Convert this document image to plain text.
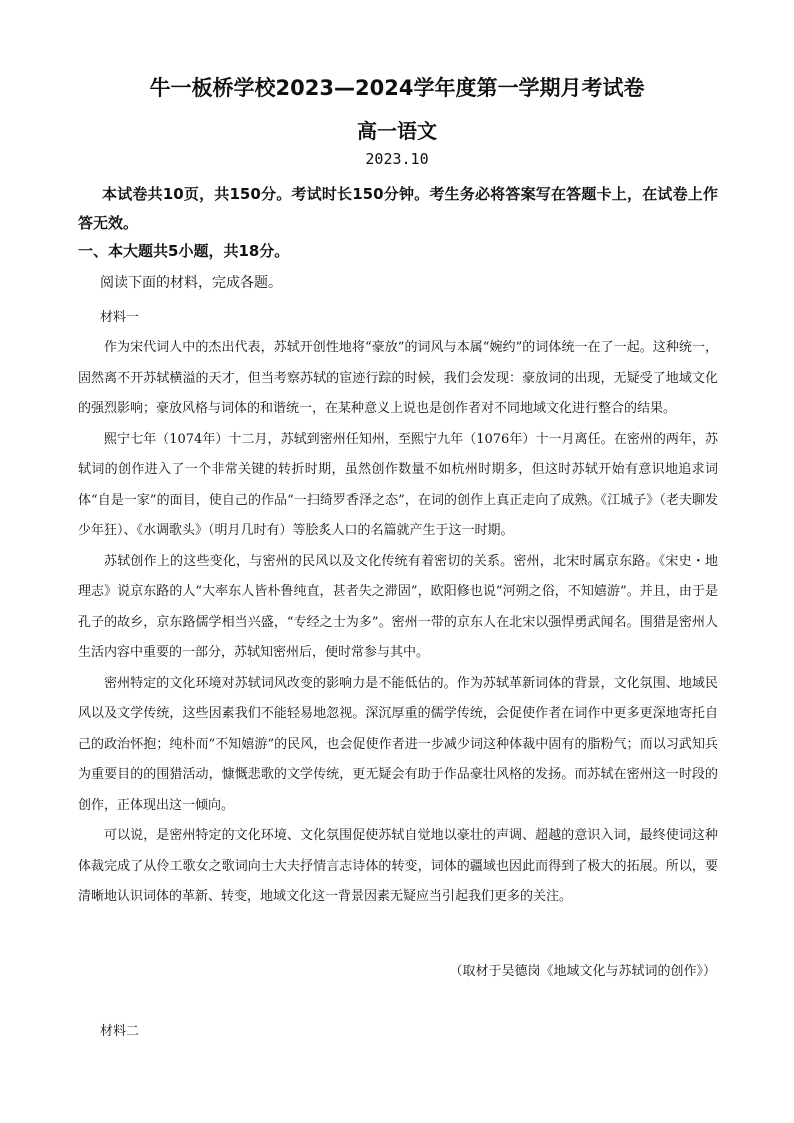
牛一板桥学校2023—2024学年度第一学期月考试卷
高一语文
2023.10
本试卷共10页，共150分。考试时长150分钟。考生务必将答案写在答题卡上，在试卷上作答无效。
一、本大题共5小题，共18分。
阅读下面的材料，完成各题。
材料一

作为宋代词人中的杰出代表，苏轼开创性地将“豪放”的词风与本属“婉约”的词体统一在了一起。这种统一，固然离不开苏轼横溢的天才，但当考察苏轼的宦迹行踪的时候，我们会发现：豪放词的出现，无疑受了地域文化的强烈影响；豪放风格与词体的和谐统一，在某种意义上说也是创作者对不同地域文化进行整合的结果。

熙宁七年（1074年）十二月，苏轼到密州任知州，至熙宁九年（1076年）十一月离任。在密州的两年，苏轼词的创作进入了一个非常关键的转折时期，虽然创作数量不如杭州时期多，但这时苏轼开始有意识地追求词体“自是一家”的面目，使自己的作品“一扫绮罗香泽之态”，在词的创作上真正走向了成熟。《江城子》（老夫聊发少年狂）、《水调歌头》（明月几时有）等脍炙人口的名篇就产生于这一时期。

苏轼创作上的这些变化，与密州的民风以及文化传统有着密切的关系。密州，北宋时属京东路。《宋史・地理志》说京东路的人“大率东人皆朴鲁纯直，甚者失之滞固”，欧阳修也说“河朔之俗，不知嬉游”。并且，由于是孔子的故乡，京东路儒学相当兴盛，“专经之士为多”。密州一带的京东人在北宋以强悍勇武闻名。围猎是密州人生活内容中重要的一部分，苏轼知密州后，便时常参与其中。

密州特定的文化环境对苏轼词风改变的影响力是不能低估的。作为苏轼革新词体的背景，文化氛围、地域民风以及文学传统，这些因素我们不能轻易地忽视。深沉厚重的儒学传统，会促使作者在词作中更多更深地寄托自己的政治怀抱；纯朴而“不知嬉游”的民风，也会促使作者进一步减少词这种体裁中固有的脂粉气；而以习武知兵为重要目的的围猎活动，慷慨悲歌的文学传统，更无疑会有助于作品豪壮风格的发扬。而苏轼在密州这一时段的创作，正体现出这一倾向。

可以说，是密州特定的文化环境、文化氛围促使苏轼自觉地以豪壮的声调、超越的意识入词，最终使词这种体裁完成了从伶工歌女之歌词向士大夫抒情言志诗体的转变，词体的疆域也因此而得到了极大的拓展。所以，要清晰地认识词体的革新、转变，地域文化这一背景因素无疑应当引起我们更多的关注。

（取材于吴德岗《地域文化与苏轼词的创作》）
材料二
